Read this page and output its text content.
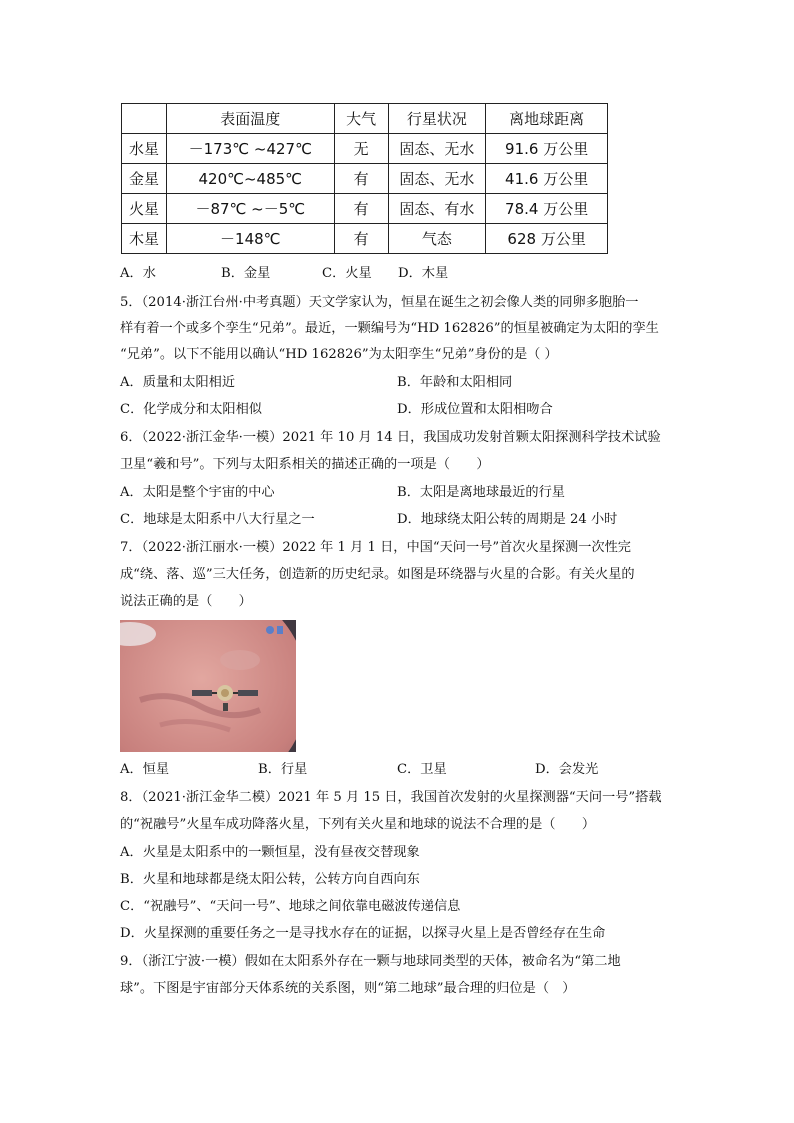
	表面温度	大气	行星状况	离地球距离
水星	－173℃ ~427℃	无	固态、无水	91.6 万公里
金星	420℃~485℃	有	固态、无水	41.6 万公里
火星	－87℃ ~－5℃	有	固态、有水	78.4 万公里
木星	－148℃	有	气态	628 万公里
A．水	B．金星	C．火星 D．木星
5．（2014·浙江台州·中考真题）天文学家认为，恒星在诞生之初会像人类的同卵多胞胎一
样有着一个或多个孪生“兄弟”。最近，一颗编号为“HD 162826”的恒星被确定为太阳的孪生
“兄弟”。以下不能用以确认“HD 162826”为太阳孪生“兄弟”身份的是（ ）
A．质量和太阳相近	B．年龄和太阳相同
C．化学成分和太阳相似	D．形成位置和太阳相吻合
6．（2022·浙江金华·一模）2021 年 10 月 14 日，我国成功发射首颗太阳探测科学技术试验
卫星“羲和号”。下列与太阳系相关的描述正确的一项是（　　）
A．太阳是整个宇宙的中心	B．太阳是离地球最近的行星
C．地球是太阳系中八大行星之一	D．地球绕太阳公转的周期是 24 小时
7．（2022·浙江丽水·一模）2022 年 1 月 1 日，中国“天问一号”首次火星探测一次性完
成“绕、落、巡”三大任务，创造新的历史纪录。如图是环绕器与火星的合影。有关火星的
说法正确的是（　　）
A．恒星	B．行星	C．卫星	D．会发光
8．（2021·浙江金华二模）2021 年 5 月 15 日，我国首次发射的火星探测器“天问一号”搭载
的“祝融号”火星车成功降落火星，下列有关火星和地球的说法不合理的是（　　）
A．火星是太阳系中的一颗恒星，没有昼夜交替现象
B．火星和地球都是绕太阳公转，公转方向自西向东
C．“祝融号”、“天问一号”、地球之间依靠电磁波传递信息
D．火星探测的重要任务之一是寻找水存在的证据，以探寻火星上是否曾经存在生命
9．（浙江宁波·一模）假如在太阳系外存在一颗与地球同类型的天体，被命名为“第二地
球”。下图是宇宙部分天体系统的关系图，则“第二地球”最合理的归位是（　）
